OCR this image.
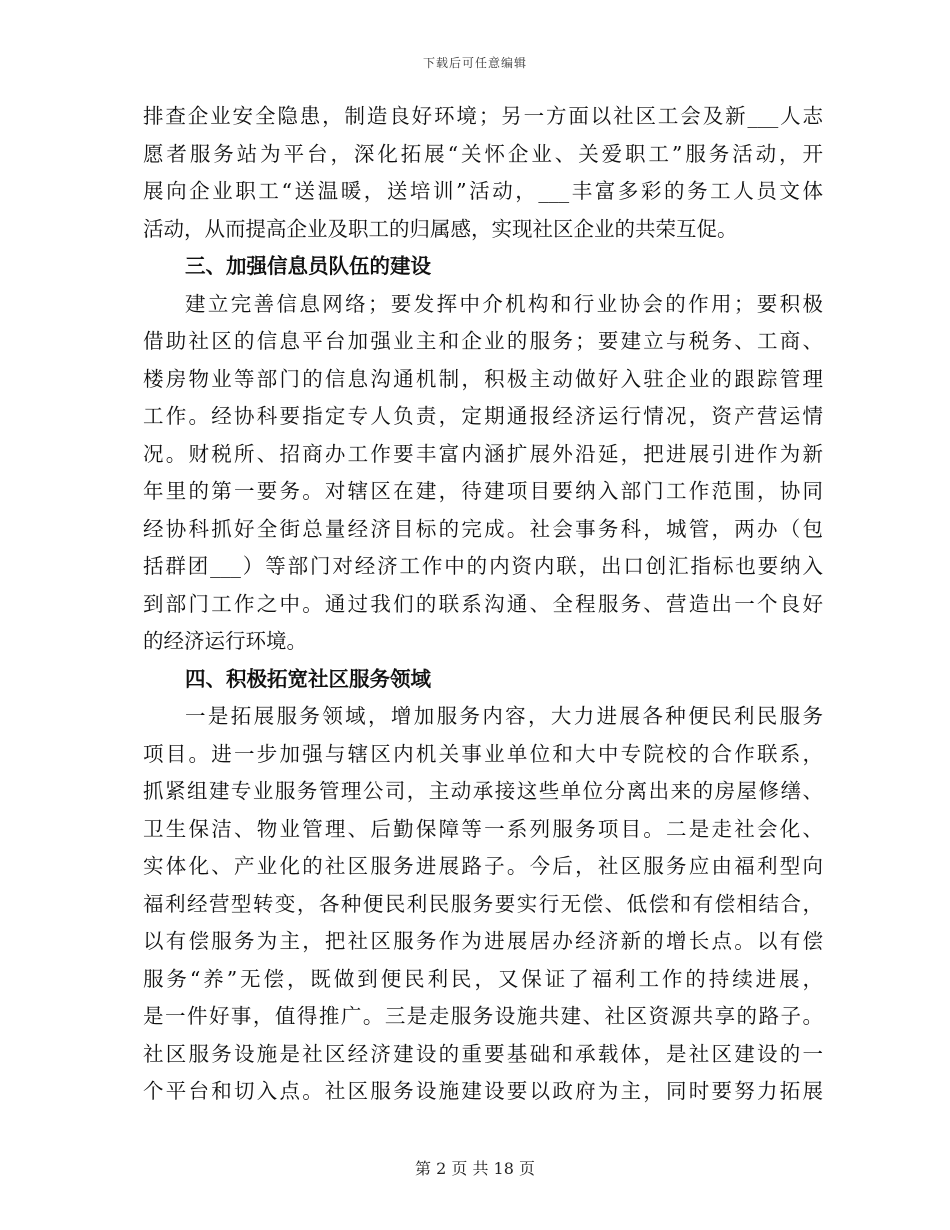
下载后可任意编辑
排查企业安全隐患，制造良好环境；另一方面以社区工会及新___人志
愿者服务站为平台，深化拓展“关怀企业、关爱职工”服务活动，开
展向企业职工“送温暖，送培训”活动，___丰富多彩的务工人员文体
活动，从而提高企业及职工的归属感，实现社区企业的共荣互促。
三、加强信息员队伍的建设
建立完善信息网络；要发挥中介机构和行业协会的作用；要积极
借助社区的信息平台加强业主和企业的服务；要建立与税务、工商、
楼房物业等部门的信息沟通机制，积极主动做好入驻企业的跟踪管理
工作。经协科要指定专人负责，定期通报经济运行情况，资产营运情
况。财税所、招商办工作要丰富内涵扩展外沿延，把进展引进作为新
年里的第一要务。对辖区在建，待建项目要纳入部门工作范围，协同
经协科抓好全街总量经济目标的完成。社会事务科，城管，两办（包
括群团___）等部门对经济工作中的内资内联，出口创汇指标也要纳入
到部门工作之中。通过我们的联系沟通、全程服务、营造出一个良好
的经济运行环境。
四、积极拓宽社区服务领域
一是拓展服务领域，增加服务内容，大力进展各种便民利民服务
项目。进一步加强与辖区内机关事业单位和大中专院校的合作联系，
抓紧组建专业服务管理公司，主动承接这些单位分离出来的房屋修缮、
卫生保洁、物业管理、后勤保障等一系列服务项目。二是走社会化、
实体化、产业化的社区服务进展路子。今后，社区服务应由福利型向
福利经营型转变，各种便民利民服务要实行无偿、低偿和有偿相结合，
以有偿服务为主，把社区服务作为进展居办经济新的增长点。以有偿
服务“养”无偿，既做到便民利民，又保证了福利工作的持续进展，
是一件好事，值得推广。三是走服务设施共建、社区资源共享的路子。
社区服务设施是社区经济建设的重要基础和承载体，是社区建设的一
个平台和切入点。社区服务设施建设要以政府为主，同时要努力拓展
第 2 页 共 18 页
